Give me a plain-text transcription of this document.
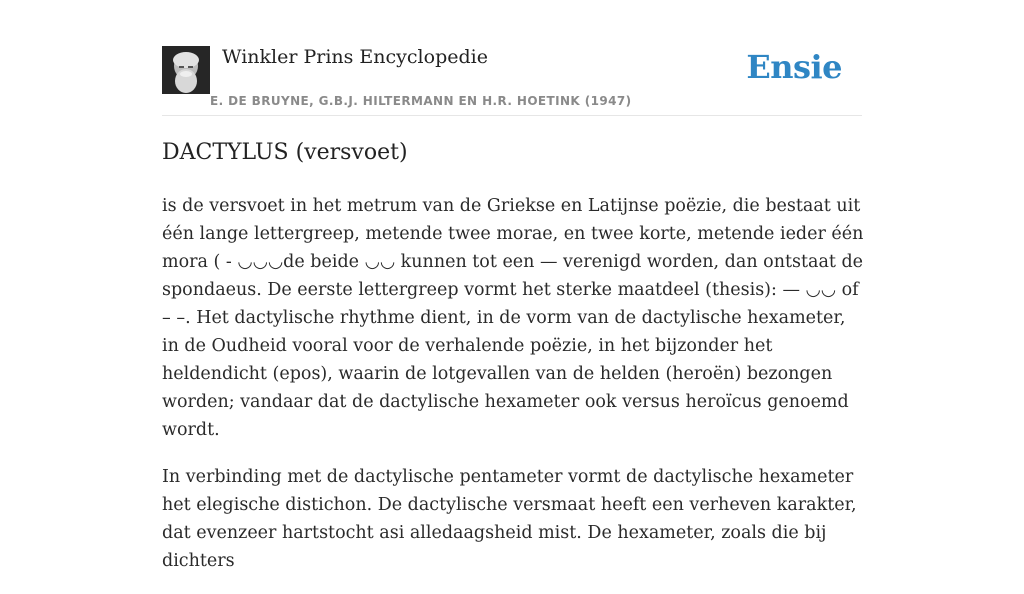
Winkler Prins Encyclopedie
E. DE BRUYNE, G.B.J. HILTERMANN EN H.R. HOETINK (1947)
Ensie
DACTYLUS (versvoet)

is de versvoet in het metrum van de Griekse en Latijnse poëzie, die bestaat uit één lange lettergreep, metende twee morae, en twee korte, metende ieder één mora ( - ◡◡◡de beide ◡◡ kunnen tot een — verenigd worden, dan ontstaat de spondaeus. De eerste lettergreep vormt het sterke maatdeel (thesis): — ◡◡ of – –. Het dactylische rhythme dient, in de vorm van de dactylische hexameter, in de Oudheid vooral voor de verhalende poëzie, in het bijzonder het heldendicht (epos), waarin de lotgevallen van de helden (heroën) bezongen worden; vandaar dat de dactylische hexameter ook versus heroïcus genoemd wordt.

In verbinding met de dactylische pentameter vormt de dactylische hexameter het elegische distichon. De dactylische versmaat heeft een verheven karakter, dat evenzeer hartstocht asi alledaagsheid mist. De hexameter, zoals die bij dichters
